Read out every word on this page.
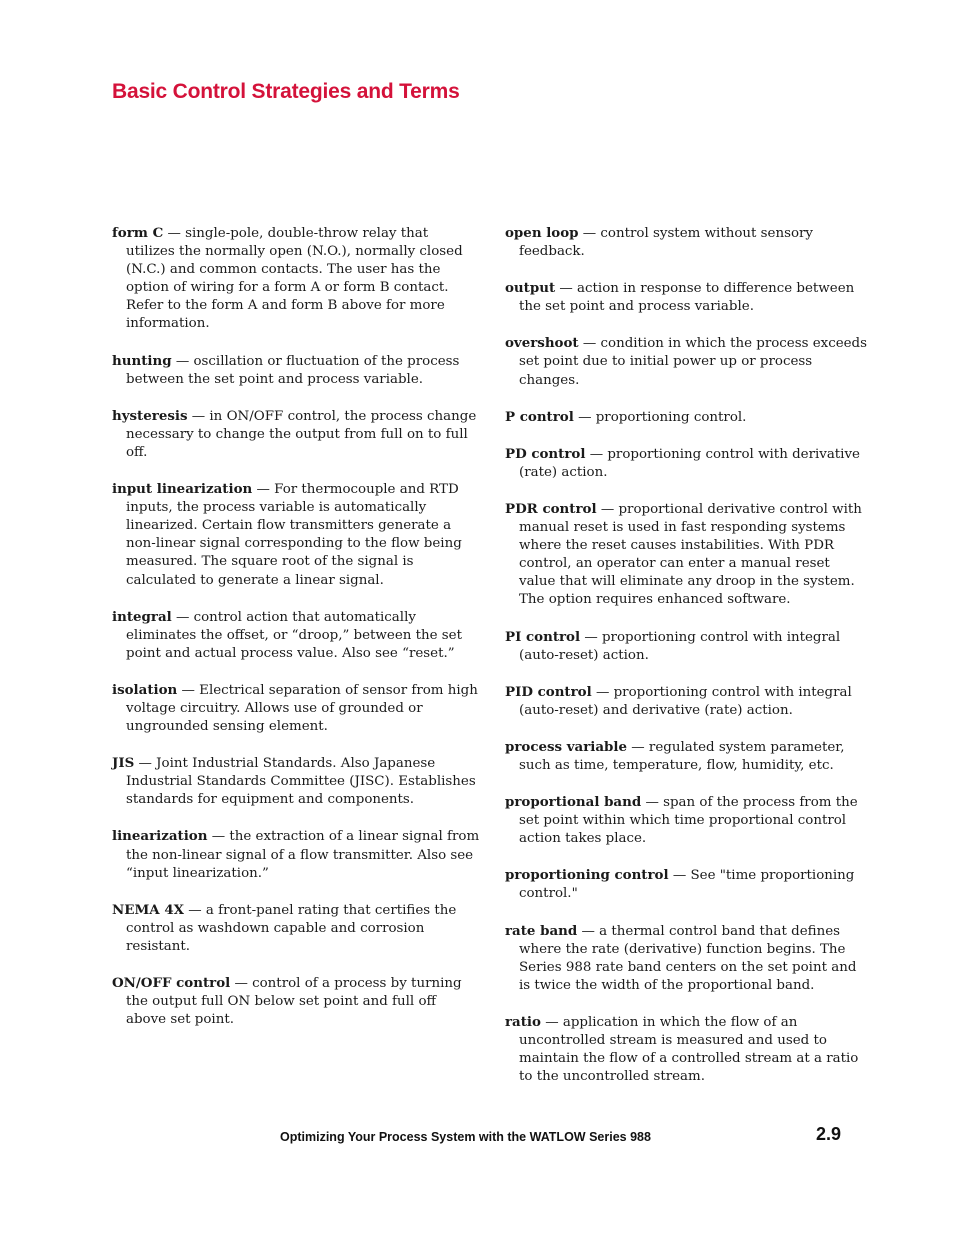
Basic Control Strategies and Terms

form C — single-pole, double-throw relay that utilizes the normally open (N.O.), normally closed (N.C.) and common contacts. The user has the option of wiring for a form A or form B contact. Refer to the form A and form B above for more information.

hunting — oscillation or fluctuation of the process between the set point and process variable.

hysteresis — in ON/OFF control, the process change necessary to change the output from full on to full off.

input linearization — For thermocouple and RTD inputs, the process variable is automatically linearized. Certain flow transmitters generate a non-linear signal corresponding to the flow being measured. The square root of the signal is calculated to generate a linear signal.

integral — control action that automatically eliminates the offset, or “droop,” between the set point and actual process value. Also see “reset.”

isolation — Electrical separation of sensor from high voltage circuitry. Allows use of grounded or ungrounded sensing element.

JIS — Joint Industrial Standards. Also Japanese Industrial Standards Committee (JISC). Establishes standards for equipment and components.

linearization — the extraction of a linear signal from the non-linear signal of a flow transmitter. Also see “input linearization.”

NEMA 4X — a front-panel rating that certifies the control as washdown capable and corrosion resistant.

ON/OFF control — control of a process by turning the output full ON below set point and full off above set point.

open loop — control system without sensory feedback.

output — action in response to difference between the set point and process variable.

overshoot — condition in which the process exceeds set point due to initial power up or process changes.

P control — proportioning control.

PD control — proportioning control with derivative (rate) action.

PDR control — proportional derivative control with manual reset is used in fast responding systems where the reset causes instabilities. With PDR control, an operator can enter a manual reset value that will eliminate any droop in the system. The option requires enhanced software.

PI control — proportioning control with integral (auto-reset) action.

PID control — proportioning control with integral (auto-reset) and derivative (rate) action.

process variable — regulated system parameter, such as time, temperature, flow, humidity, etc.

proportional band — span of the process from the set point within which time proportional control action takes place.

proportioning control — See "time proportioning control."

rate band — a thermal control band that defines where the rate (derivative) function begins. The Series 988 rate band centers on the set point and is twice the width of the proportional band.

ratio — application in which the flow of an uncontrolled stream is measured and used to maintain the flow of a controlled stream at a ratio to the uncontrolled stream.

Optimizing Your Process System with the WATLOW Series 988	2.9
